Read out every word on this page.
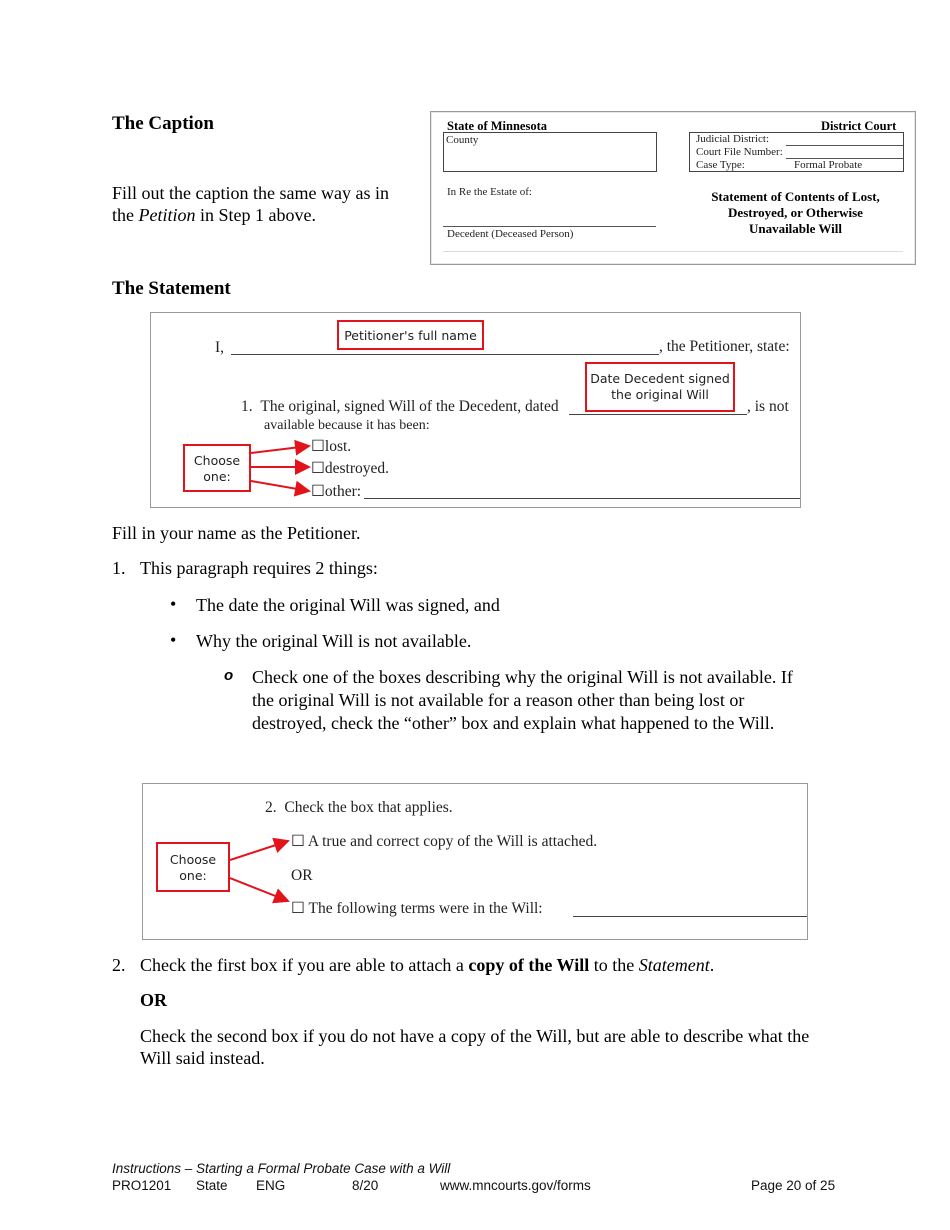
The Caption
Fill out the caption the same way as in the Petition in Step 1 above.
State of Minnesota	District Court
County	Judicial District:
Court File Number:
Case Type:	Formal Probate
In Re the Estate of:
Decedent (Deceased Person)
Statement of Contents of Lost,
Destroyed, or Otherwise
Unavailable Will
The Statement
I,	, the Petitioner, state:
Petitioner's full name
Date Decedent signed
the original Will
1.  The original, signed Will of the Decedent, dated	, is not
available because it has been:
Choose
one:
☐lost.
☐destroyed.
☐other:
Fill in your name as the Petitioner.
1. This paragraph requires 2 things:
• The date the original Will was signed, and
• Why the original Will is not available.
o Check one of the boxes describing why the original Will is not available. If
the original Will is not available for a reason other than being lost or
destroyed, check the “other” box and explain what happened to the Will.
2.  Check the box that applies.
Choose
one:
☐ A true and correct copy of the Will is attached.
OR
☐ The following terms were in the Will:
2. Check the first box if you are able to attach a copy of the Will to the Statement.
OR
Check the second box if you do not have a copy of the Will, but are able to describe what the
Will said instead.
Instructions – Starting a Formal Probate Case with a Will
PRO1201 State ENG	8/20	www.mncourts.gov/forms	Page 20 of 25
